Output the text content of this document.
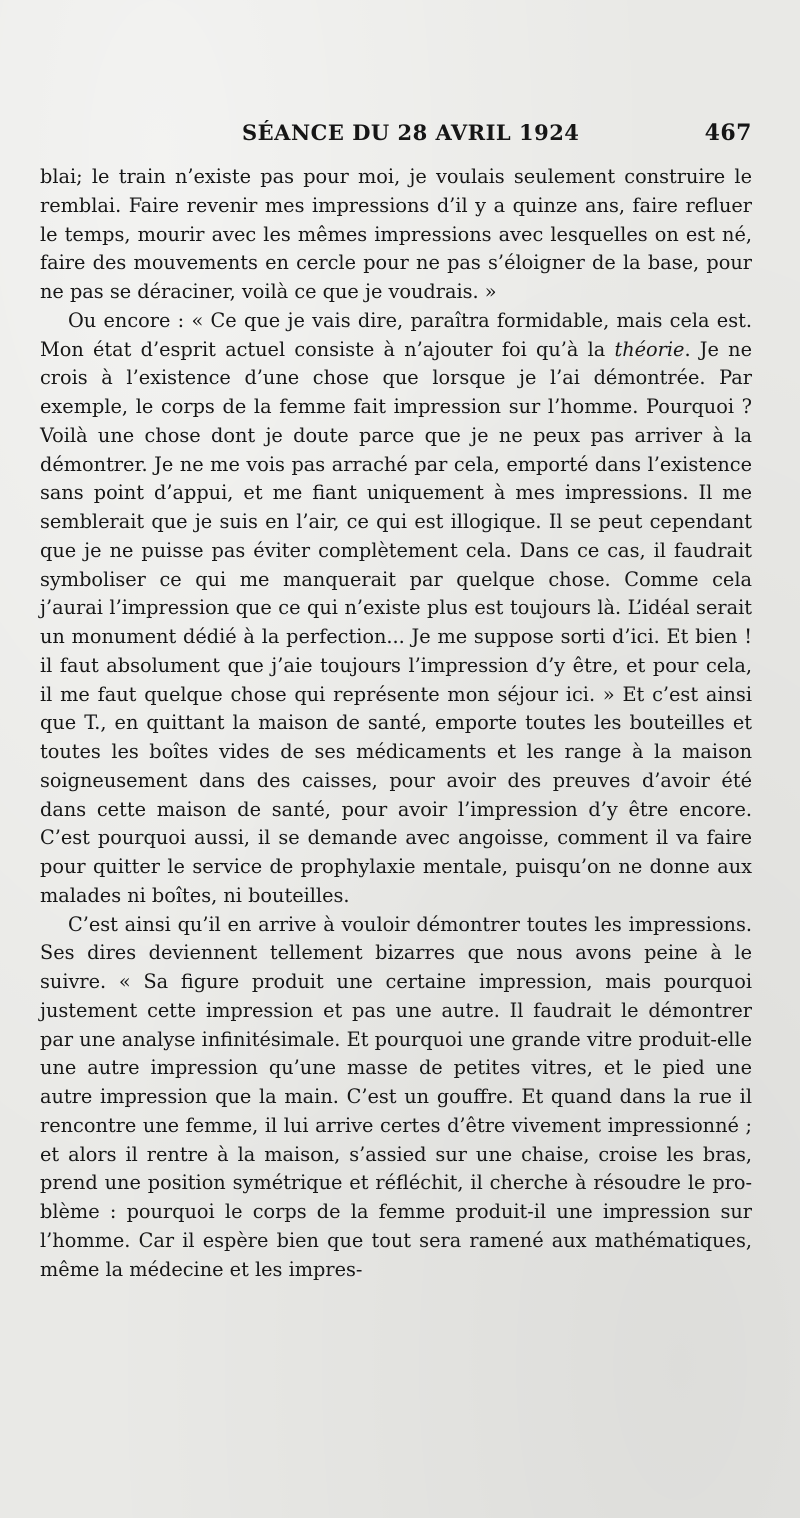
SÉANCE DU 28 AVRIL 1924	467

blai; le train n’existe pas pour moi, je voulais seulement construire le remblai. Faire revenir mes impressions d’il y a quinze ans, faire refluer le temps, mourir avec les mêmes impressions avec lesquelles on est né, faire des mouvements en cercle pour ne pas s’éloigner de la base, pour ne pas se déraciner, voilà ce que je voudrais. »

Ou encore : « Ce que je vais dire, paraîtra formidable, mais cela est. Mon état d’esprit actuel consiste à n’ajouter foi qu’à la théorie. Je ne crois à l’existence d’une chose que lorsque je l’ai démontrée. Par exemple, le corps de la femme fait impression sur l’homme. Pourquoi ? Voilà une chose dont je doute parce que je ne peux pas arriver à la démontrer. Je ne me vois pas arraché par cela, emporté dans l’existence sans point d’appui, et me fiant uniquement à mes impressions. Il me semblerait que je suis en l’air, ce qui est illogique. Il se peut cependant que je ne puisse pas éviter complètement cela. Dans ce cas, il faudrait symboliser ce qui me manquerait par quelque chose. Comme cela j’aurai l’impression que ce qui n’existe plus est toujours là. L’idéal serait un monument dédié à la perfection... Je me suppose sorti d’ici. Et bien ! il faut absolument que j’aie toujours l’impression d’y être, et pour cela, il me faut quelque chose qui représente mon séjour ici. » Et c’est ainsi que T., en quittant la maison de santé, emporte toutes les bouteilles et toutes les boîtes vides de ses médicaments et les range à la maison soigneusement dans des caisses, pour avoir des preuves d’avoir été dans cette maison de santé, pour avoir l’impression d’y être encore. C’est pourquoi aussi, il se demande avec angoisse, comment il va faire pour quitter le service de prophylaxie mentale, puisqu’on ne donne aux malades ni boîtes, ni bouteilles.

C’est ainsi qu’il en arrive à vouloir démontrer toutes les impressions. Ses dires deviennent tellement bizarres que nous avons peine à le suivre. « Sa figure produit une certaine impression, mais pourquoi justement cette impression et pas une autre. Il faudrait le démontrer par une analyse infinitésimale. Et pourquoi une grande vitre produit-elle une autre impression qu’une masse de petites vitres, et le pied une autre impression que la main. C’est un gouffre. Et quand dans la rue il rencontre une femme, il lui arrive certes d’être vivement impressionné ; et alors il rentre à la maison, s’assied sur une chaise, croise les bras, prend une position symétrique et réfléchit, il cherche à résoudre le problème : pourquoi le corps de la femme produit-il une impression sur l’homme. Car il espère bien que tout sera ramené aux mathématiques, même la médecine et les impres-
